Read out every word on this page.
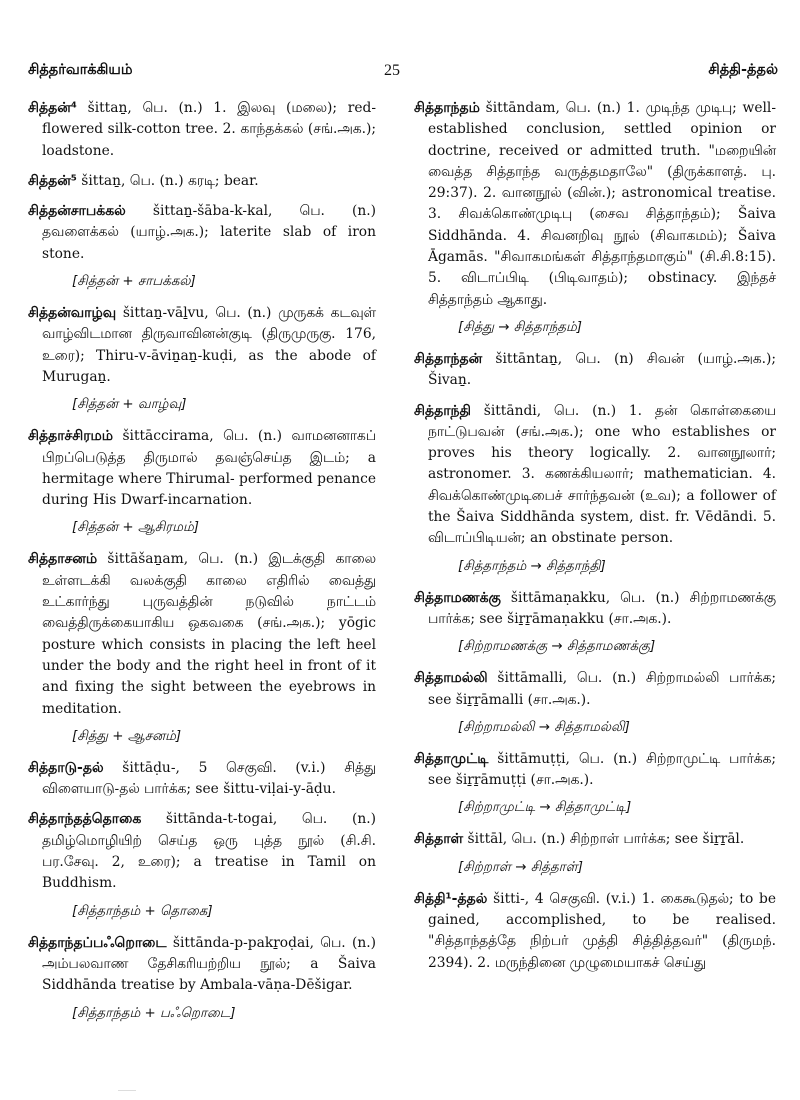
சித்தர்வாக்கியம்	25	சித்தி-த்தல்

சித்தன்⁴ šittaṉ, பெ. (n.) 1. இலவு (மலை); red-flowered silk-cotton tree. 2. காந்தக்கல் (சங்.அக.); loadstone.

சித்தன்⁵ šittaṉ, பெ. (n.) கரடி; bear.

சித்தன்சாபக்கல் šittaṉ-šāba-k-kal, பெ. (n.) தவளைக்கல் (யாழ்.அக.); laterite slab of iron stone.

[சித்தன் + சாபக்கல்]

சித்தன்வாழ்வு šittaṉ-vāḻvu, பெ. (n.) முருகக் கடவுள் வாழ்விடமான திருவாவினன்குடி (திருமுருகு. 176, உரை); Thiru-v-āviṉaṉ-kuḍi, as the abode of Murugaṉ.

[சித்தன் + வாழ்வு]

சித்தாச்சிரமம் šittāccirama, பெ. (n.) வாமனனாகப் பிறப்பெடுத்த திருமால் தவஞ்செய்த இடம்; a hermitage where Thirumal- performed penance during His Dwarf-incarnation.

[சித்தன் + ஆசிரமம்]

சித்தாசனம் šittāšaṉam, பெ. (n.) இடக்குதி காலை உள்ளடக்கி வலக்குதி காலை எதிரில் வைத்து உட்கார்ந்து புருவத்தின் நடுவில் நாட்டம் வைத்திருக்கையாகிய ஒகவகை (சங்.அக.); yōgic posture which consists in placing the left heel under the body and the right heel in front of it and fixing the sight between the eyebrows in meditation.

[சித்து + ஆசனம்]

சித்தாடு-தல் šittāḍu-, 5 செகுவி. (v.i.) சித்து விளையாடு-தல் பார்க்க; see šittu-viḷai-y-āḍu.

சித்தாந்தத்தொகை šittānda-t-togai, பெ. (n.) தமிழ்மொழியிற் செய்த ஒரு புத்த நூல் (சி.சி. பர.சேவு. 2, உரை); a treatise in Tamil on Buddhism.

[சித்தாந்தம் + தொகை]

சித்தாந்தப்பஃறொடை šittānda-p-pakṟoḍai, பெ. (n.) அம்பலவாண தேசிகரியற்றிய நூல்; a Šaiva Siddhānda treatise by Ambala-vāṇa-Dēšigar.

[சித்தாந்தம் + பஃறொடை]

சித்தாந்தம் šittāndam, பெ. (n.) 1. முடிந்த முடிபு; well-established conclusion, settled opinion or doctrine, received or admitted truth. "மறையின் வைத்த சித்தாந்த வருத்தமதாலே" (திருக்காளத். பு. 29:37). 2. வானநூல் (வின்.); astronomical treatise. 3. சிவக்கொண்முடிபு (சைவ சித்தாந்தம்); Šaiva Siddhānda. 4. சிவனறிவு நூல் (சிவாகமம்); Šaiva Āgamās. "சிவாகமங்கள் சித்தாந்தமாகும்" (சி.சி.8:15). 5. விடாப்பிடி (பிடிவாதம்); obstinacy. இந்தச் சித்தாந்தம் ஆகாது.

[சித்து → சித்தாந்தம்]

சித்தாந்தன் šittāntaṉ, பெ. (n) சிவன் (யாழ்.அக.); Šivaṉ.

சித்தாந்தி šittāndi, பெ. (n.) 1. தன் கொள்கையை நாட்டுபவன் (சங்.அக.); one who establishes or proves his theory logically. 2. வானநூலார்; astronomer. 3. கணக்கியலார்; mathematician. 4. சிவக்கொண்முடிபைச் சார்ந்தவன் (உவ); a follower of the Šaiva Siddhānda system, dist. fr. Vēdāndi. 5. விடாப்பிடியன்; an obstinate person.

[சித்தாந்தம் → சித்தாந்தி]

சித்தாமணக்கு šittāmaṇakku, பெ. (n.) சிற்றாமணக்கு பார்க்க; see šiṟṟāmaṇakku (சா.அக.).

[சிற்றாமணக்கு → சித்தாமணக்கு]

சித்தாமல்லி šittāmalli, பெ. (n.) சிற்றாமல்லி பார்க்க; see šiṟṟāmalli (சா.அக.).

[சிற்றாமல்லி → சித்தாமல்லி]

சித்தாமுட்டி šittāmuṭṭi, பெ. (n.) சிற்றாமுட்டி பார்க்க; see šiṟṟāmuṭṭi (சா.அக.).

[சிற்றாமுட்டி → சித்தாமுட்டி]

சித்தாள் šittāl, பெ. (n.) சிற்றாள் பார்க்க; see šiṟṟāl.

[சிற்றாள் → சித்தாள்]

சித்தி¹-த்தல் šitti-, 4 செகுவி. (v.i.) 1. கைகூடுதல்; to be gained, accomplished, to be realised. "சித்தாந்தத்தே நிற்பர் முத்தி சித்தித்தவர்" (திருமந். 2394). 2. மருந்தினை முழுமையாகச் செய்து
